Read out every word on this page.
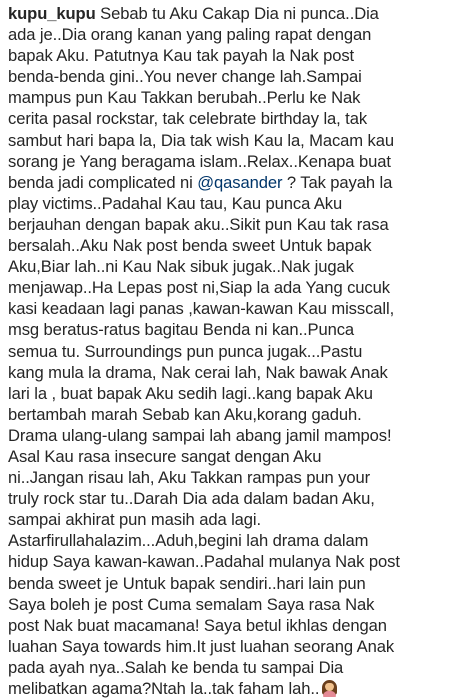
kupu_kupu Sebab tu Aku Cakap Dia ni punca..Dia
ada je..Dia orang kanan yang paling rapat dengan
bapak Aku. Patutnya Kau tak payah la Nak post
benda-benda gini..You never change lah.Sampai
mampus pun Kau Takkan berubah..Perlu ke Nak
cerita pasal rockstar, tak celebrate birthday la, tak
sambut hari bapa la, Dia tak wish Kau la, Macam kau
sorang je Yang beragama islam..Relax..Kenapa buat
benda jadi complicated ni @qasander ? Tak payah la
play victims..Padahal Kau tau, Kau punca Aku
berjauhan dengan bapak aku..Sikit pun Kau tak rasa
bersalah..Aku Nak post benda sweet Untuk bapak
Aku,Biar lah..ni Kau Nak sibuk jugak..Nak jugak
menjawap..Ha Lepas post ni,Siap la ada Yang cucuk
kasi keadaan lagi panas ,kawan-kawan Kau misscall,
msg beratus-ratus bagitau Benda ni kan..Punca
semua tu. Surroundings pun punca jugak...Pastu
kang mula la drama, Nak cerai lah, Nak bawak Anak
lari la , buat bapak Aku sedih lagi..kang bapak Aku
bertambah marah Sebab kan Aku,korang gaduh.
Drama ulang-ulang sampai lah abang jamil mampos!
Asal Kau rasa insecure sangat dengan Aku
ni..Jangan risau lah, Aku Takkan rampas pun your
truly rock star tu..Darah Dia ada dalam badan Aku,
sampai akhirat pun masih ada lagi.
Astarfirullahalazim...Aduh,begini lah drama dalam
hidup Saya kawan-kawan..Padahal mulanya Nak post
benda sweet je Untuk bapak sendiri..hari lain pun
Saya boleh je post Cuma semalam Saya rasa Nak
post Nak buat macamana! Saya betul ikhlas dengan
luahan Saya towards him.It just luahan seorang Anak
pada ayah nya..Salah ke benda tu sampai Dia
melibatkan agama?Ntah la..tak faham lah..
